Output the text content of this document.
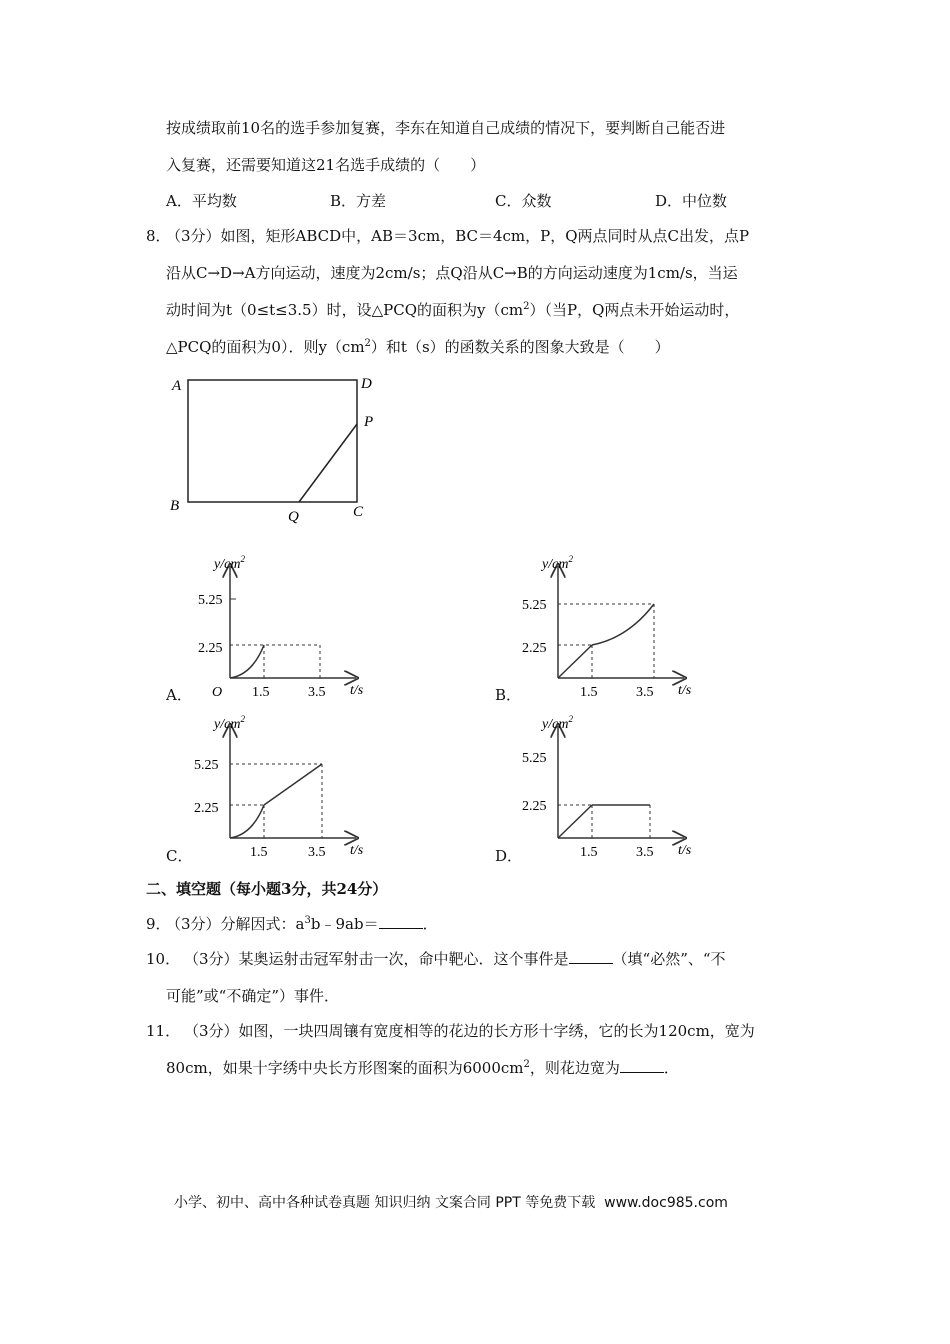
按成绩取前10名的选手参加复赛，李东在知道自己成绩的情况下，要判断自己能否进
入复赛，还需要知道这21名选手成绩的（　　）
A．平均数	B．方差	C．众数	D．中位数
8．
（3分）如图，矩形ABCD中，AB＝3cm，BC＝4cm，P，Q两点同时从点C出发，点P
沿从C→D→A方向运动，速度为2cm/s；点Q沿从C→B的方向运动速度为1cm/s，当运
动时间为t（0≤t≤3.5）时，设△PCQ的面积为$y(cm^2)$（当P，Q两点未开始运动时，
△PCQ的面积为0）．则$y(cm^2)$和t（s）的函数关系的图象大致是（　　）
A	D
P
B
Q	C
$y/cm^2$
5.25
2.25
O 1.5	3.5 t/s
A．
$y/cm^2$
5.25
2.25
1.5	3.5 t/s
B．
$y/cm^2$
5.25
2.25
1.5	3.5 t/s
C．
$y/cm^2$
5.25
2.25
1.5	3.5 t/s
D．
二、填空题（每小题3分，共24分）
9．
（3分）分解因式：$a^3b﹣9ab=$	．
10． （3分）某奥运射击冠军射击一次，命中靶心．这个事件是	（填“必然”、“不
可能”或“不确定”）事件．
11． （3分）如图，一块四周镶有宽度相等的花边的长方形十字绣，它的长为120cm，宽为
80cm，如果十字绣中央长方形图案的面积为$6000cm^2$，则花边宽为	．
小学、初中、高中各种试卷真题 知识归纳 文案合同 PPT 等免费下载 www.doc985.com
